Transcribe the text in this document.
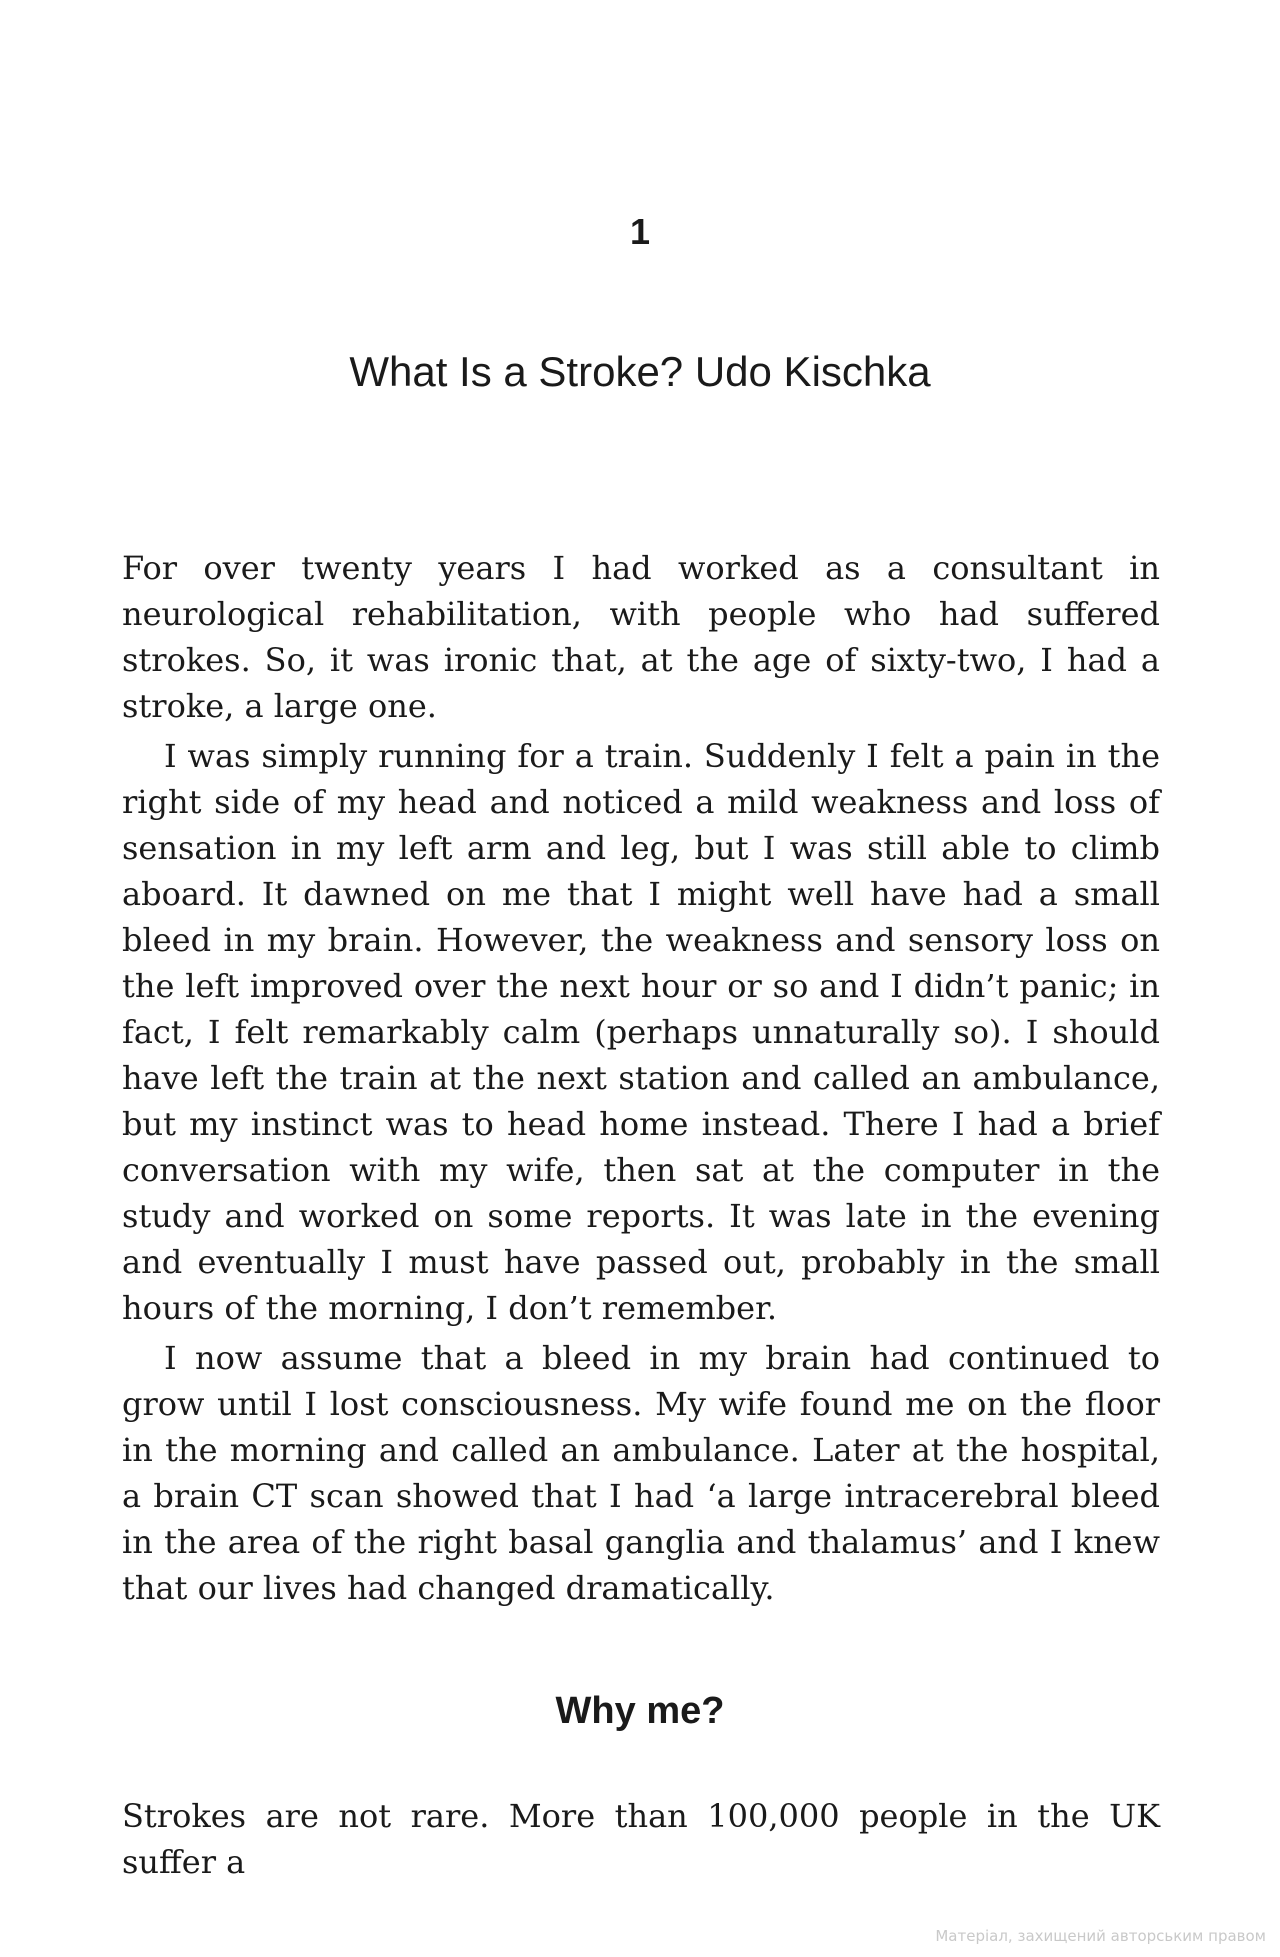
1
What Is a Stroke? Udo Kischka

For over twenty years I had worked as a consultant in neurological rehabilitation, with people who had suffered strokes. So, it was ironic that, at the age of sixty-two, I had a stroke, a large one.

I was simply running for a train. Suddenly I felt a pain in the right side of my head and noticed a mild weakness and loss of sensation in my left arm and leg, but I was still able to climb aboard. It dawned on me that I might well have had a small bleed in my brain. However, the weakness and sensory loss on the left improved over the next hour or so and I didn’t panic; in fact, I felt remarkably calm (perhaps unnaturally so). I should have left the train at the next station and called an ambulance, but my instinct was to head home instead. There I had a brief conversation with my wife, then sat at the computer in the study and worked on some reports. It was late in the evening and eventually I must have passed out, probably in the small hours of the morning, I don’t remember.

I now assume that a bleed in my brain had continued to grow until I lost consciousness. My wife found me on the floor in the morning and called an ambulance. Later at the hospital, a brain CT scan showed that I had ‘a large intracerebral bleed in the area of the right basal ganglia and thalamus’ and I knew that our lives had changed dramatically.

Why me?

Strokes are not rare. More than 100,000 people in the UK suffer a

Матеріал, захищений авторським правом
